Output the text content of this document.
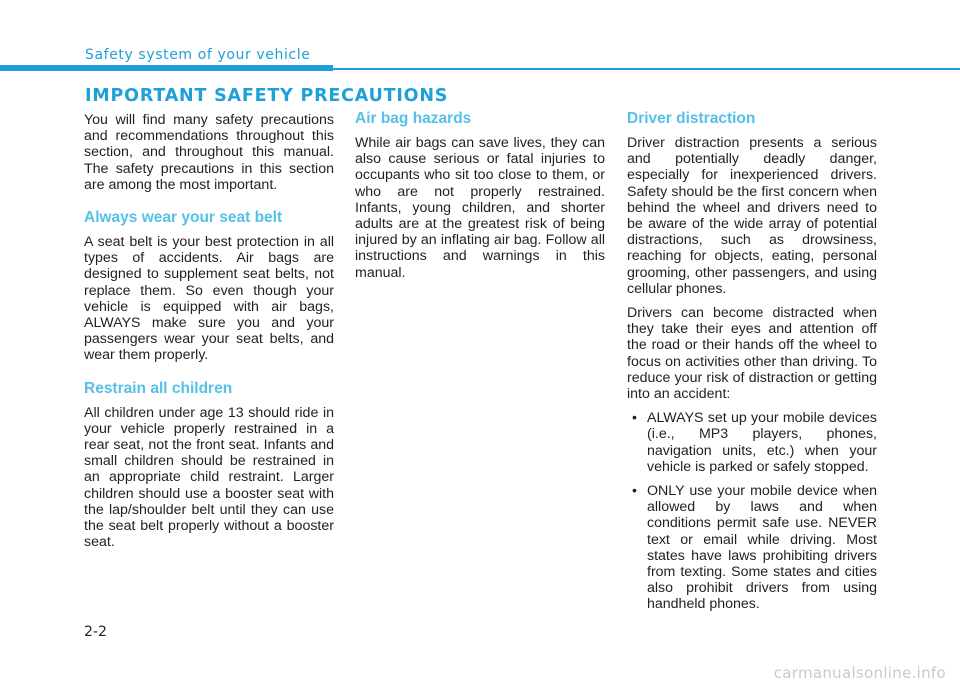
Safety system of your vehicle
IMPORTANT SAFETY PRECAUTIONS

You will find many safety precautions and recommendations throughout this section, and throughout this manual. The safety precautions in this section are among the most important.

Always wear your seat belt

A seat belt is your best protection in all types of accidents. Air bags are designed to supplement seat belts, not replace them. So even though your vehicle is equipped with air bags, ALWAYS make sure you and your passengers wear your seat belts, and wear them properly.

Restrain all children

All children under age 13 should ride in your vehicle properly restrained in a rear seat, not the front seat. Infants and small children should be restrained in an appropriate child restraint. Larger children should use a booster seat with the lap/shoulder belt until they can use the seat belt properly without a booster seat.

Air bag hazards

While air bags can save lives, they can also cause serious or fatal injuries to occupants who sit too close to them, or who are not properly restrained. Infants, young children, and shorter adults are at the greatest risk of being injured by an inflating air bag. Follow all instructions and warnings in this manual.

Driver distraction

Driver distraction presents a serious and potentially deadly danger, especially for inexperienced drivers. Safety should be the first concern when behind the wheel and drivers need to be aware of the wide array of potential distractions, such as drowsiness, reaching for objects, eating, personal grooming, other passengers, and using cellular phones.

Drivers can become distracted when they take their eyes and attention off the road or their hands off the wheel to focus on activities other than driving. To reduce your risk of distraction or getting into an accident:

• ALWAYS set up your mobile devices (i.e., MP3 players, phones, navigation units, etc.) when your vehicle is parked or safely stopped.
• ONLY use your mobile device when allowed by laws and when conditions permit safe use. NEVER text or email while driving. Most states have laws prohibiting drivers from texting. Some states and cities also prohibit drivers from using handheld phones.
2-2
carmanualsonline.info
